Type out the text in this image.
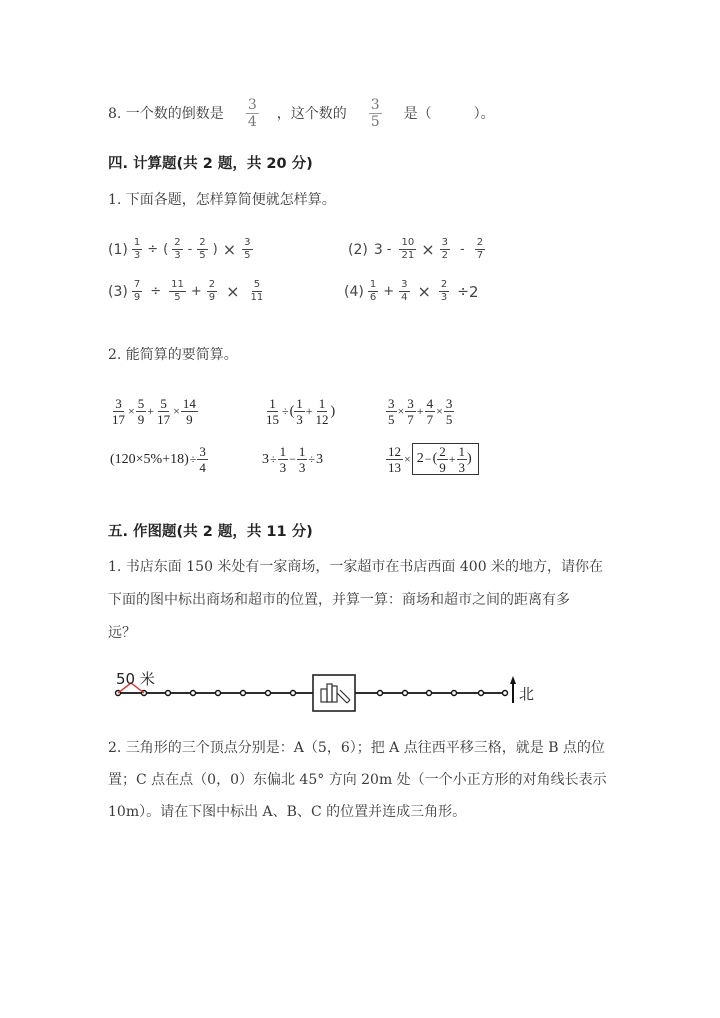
8. 一个数的倒数是 $\frac{3}{4}$ ，这个数的 $\frac{3}{5}$ 是（　　　）。
四. 计算题(共 2 题，共 20 分)
1. 下面各题，怎样算简便就怎样算。
$(1) \frac{1}{3}$ ÷ ( $\frac{2}{3} - \frac{2}{5}$ ) × $\frac{3}{5}$	(2) $3 - \frac{10}{21} \times \frac{3}{2} - \frac{2}{7}$
$(3) \frac{7}{9} \div \frac{11}{5} + \frac{2}{9} \times \frac{5}{11}$	$(4) \frac{1}{6} + \frac{3}{4} \times \frac{2}{3} \div 2$
2. 能简算的要简算。
$\frac{3}{17} \times \frac{5}{9} + \frac{5}{17} \times \frac{14}{9}$	$\frac{1}{15}$ ÷ ( $\frac{1}{3} + \frac{1}{12}$ )	$\frac{3}{5} \times \frac{3}{7} + \frac{4}{7} \times \frac{3}{5}$
$(120\times 5\%+18) \div \frac{3}{4}$	$3 \div \frac{1}{3} - \frac{1}{3} \div 3$	$\frac{12}{13} \times 2$ − ( $\frac{2}{9} + \frac{1}{3}$ )
五. 作图题(共 2 题，共 11 分)
1. 书店东面 150 米处有一家商场，一家超市在书店西面 400 米的地方，请你在
下面的图中标出商场和超市的位置，并算一算：商场和超市之间的距离有多
远？
50 米
北
2. 三角形的三个顶点分别是：A（5，6）；把 A 点往西平移三格，就是 B 点的位
置；C 点在点（0，0）东偏北 45° 方向 20m 处（一个小正方形的对角线长表示
10m）。请在下图中标出 A、B、C 的位置并连成三角形。
